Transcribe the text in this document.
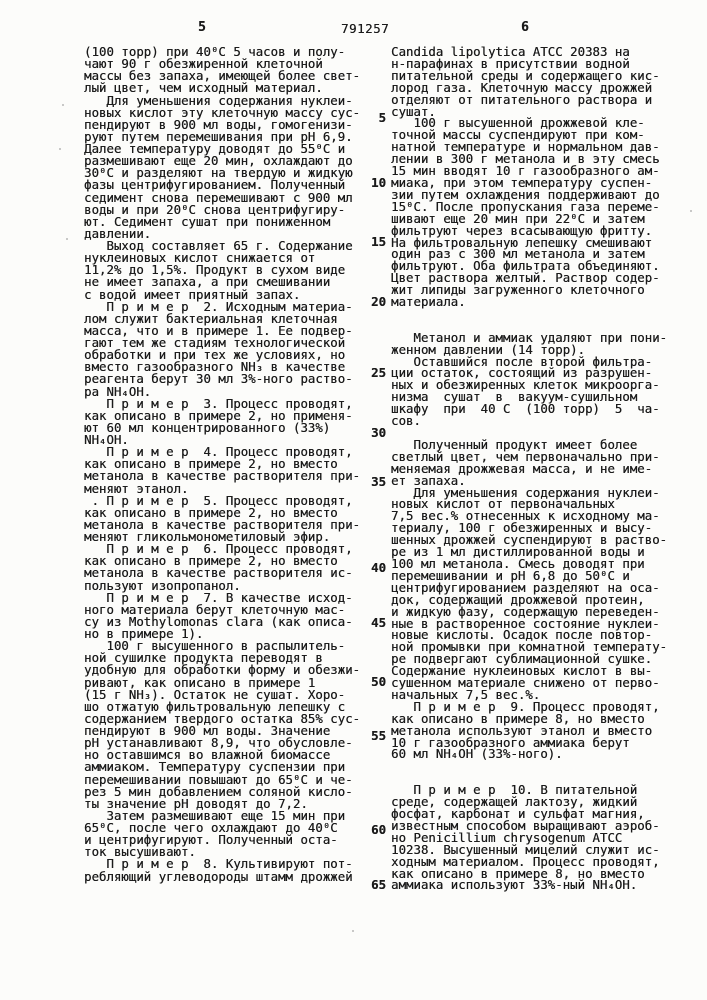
5	791257	6
(100 торр) при 40⁰С 5 часов и полу-
чают 90 г обезжиренной клеточной
массы без запаха, имеющей более свет-
лый цвет, чем исходный материал.
Для уменьшения содержания нуклеи-
новых кислот эту клеточную массу сус-
пендируют в 900 мл воды, гомогенизи-
руют путем перемешивания при рН 6,9.
Далее температуру доводят до 55⁰С и
размешивают еще 20 мин, охлаждают до
30⁰С и разделяют на твердую и жидкую
фазы центрифугированием. Полученный
седимент снова перемешивают с 900 мл
воды и при 20⁰С снова центрифугиру-
ют. Седимент сушат при пониженном
давлении.
Выход составляет 65 г. Содержание
нуклеиновых кислот снижается от
11,2% до 1,5%. Продукт в сухом виде
не имеет запаха, а при смешивании
с водой имеет приятный запах.
П р и м е р  2. Исходным материа-
лом служит бактериальная клеточная
масса, что и в примере 1. Ее подвер-
гают тем же стадиям технологической
обработки и при тех же условиях, но
вместо газообразного NH₃ в качестве
реагента берут 30 мл 3%-ного раство-
ра NH₄OH.
П р и м е р  3. Процесс проводят,
как описано в примере 2, но применя-
ют 60 мл концентрированного (33%)
NH₄OH.
П р и м е р  4. Процесс проводят,
как описано в примере 2, но вместо
метанола в качестве растворителя при-
меняют этанол.
. П р и м е р  5. Процесс проводят,
как описано в примере 2, но вместо
метанола в качестве растворителя при-
меняют гликольмонометиловый эфир.
П р и м е р  6. Процесс проводят,
как описано в примере 2, но вместо
метанола в качестве растворителя ис-
пользуют изопропанол.
П р и м е р  7. В качестве исход-
ного материала берут клеточную мас-
су из Mothylomonas clara (как описа-
но в примере 1).
100 г высушенного в распылитель-
ной сушилке продукта переводят в
удобную для обработки форму и обезжи-
ривают, как описано в примере 1
(15 г NH₃). Остаток не сушат. Хоро-
шо отжатую фильтровальную лепешку с
содержанием твердого остатка 85% сус-
пендируют в 900 мл воды. Значение
рН устанавливают 8,9, что обусловле-
но оставшимся во влажной биомассе
аммиаком. Температуру суспензии при
перемешивании повышают до 65⁰С и че-
рез 5 мин добавлением соляной кисло-
ты значение рН доводят до 7,2.
Затем размешивают еще 15 мин при
65⁰С, после чего охлаждают до 40⁰С
и центрифугируют. Полученный оста-
ток высушивают.
П р и м е р  8. Культивируют пот-
ребляющий углеводороды штамм дрожжей
Candida lipolytica ATCC 20383 на
н-парафинах в присутствии водной
питательной среды и содержащего кис-
лород газа. Клеточную массу дрожжей
отделяют от питательного раствора и
сушат.
100 г высушенной дрожжевой кле-
точной массы суспендируют при ком-
натной температуре и нормальном дав-
лении в 300 г метанола и в эту смесь
15 мин вводят 10 г газообразного ам-
миака, при этом температуру суспен-
зии путем охлаждения поддерживают до
15⁰С. После пропускания газа переме-
шивают еще 20 мин при 22⁰С и затем
фильтруют через всасывающую фритту.
На фильтровальную лепешку смешивают
один раз с 300 мл метанола и затем
фильтруют. Оба фильтрата объединяют.
Цвет раствора желтый. Раствор содер-
жит липиды загруженного клеточного
материала.

Метанол и аммиак удаляют при пони-
женном давлении (14 торр).
Оставшийся после второй фильтра-
ции остаток, состоящий из разрушен-
ных и обезжиренных клеток микроорга-
низма  сушат  в  вакуум-сушильном
шкафу  при  40 С  (100 торр)  5  ча-
сов.

Полученный продукт имеет более
светлый цвет, чем первоначально при-
меняемая дрожжевая масса, и не име-
ет запаха.
Для уменьшения содержания нуклеи-
новых кислот от первоначальных
7,5 вес.% отнесенных к исходному ма-
териалу, 100 г обезжиренных и высу-
шенных дрожжей суспендируют в раство-
ре из 1 мл дистиллированной воды и
100 мл метанола. Смесь доводят при
перемешивании и рН 6,8 до 50⁰С и
центрифугированием разделяют на оса-
док, содержащий дрожжевой протеин,
и жидкую фазу, содержащую переведен-
ные в растворенное состояние нуклеи-
новые кислоты. Осадок после повтор-
ной промывки при комнатной температу-
ре подвергают сублимационной сушке.
Содержание нуклеиновых кислот в вы-
сушенном материале снижено от перво-
начальных 7,5 вес.%.
П р и м е р  9. Процесс проводят,
как описано в примере 8, но вместо
метанола используют этанол и вместо
10 г газообразного аммиака берут
60 мл NH₄OH (33%-ного).

П р и м е р  10. В питательной
среде, содержащей лактозу, жидкий
фосфат, карбонат и сульфат магния,
известным способом выращивают аэроб-
но Penicillium chrysogenum ATCC
10238. Высушенный мицелий служит ис-
ходным материалом. Процесс проводят,
как описано в примере 8, но вместо
аммиака используют 33%-ный NH₄OH.
5
10
15
20
25
30
35
40
45
50
55
60
65
